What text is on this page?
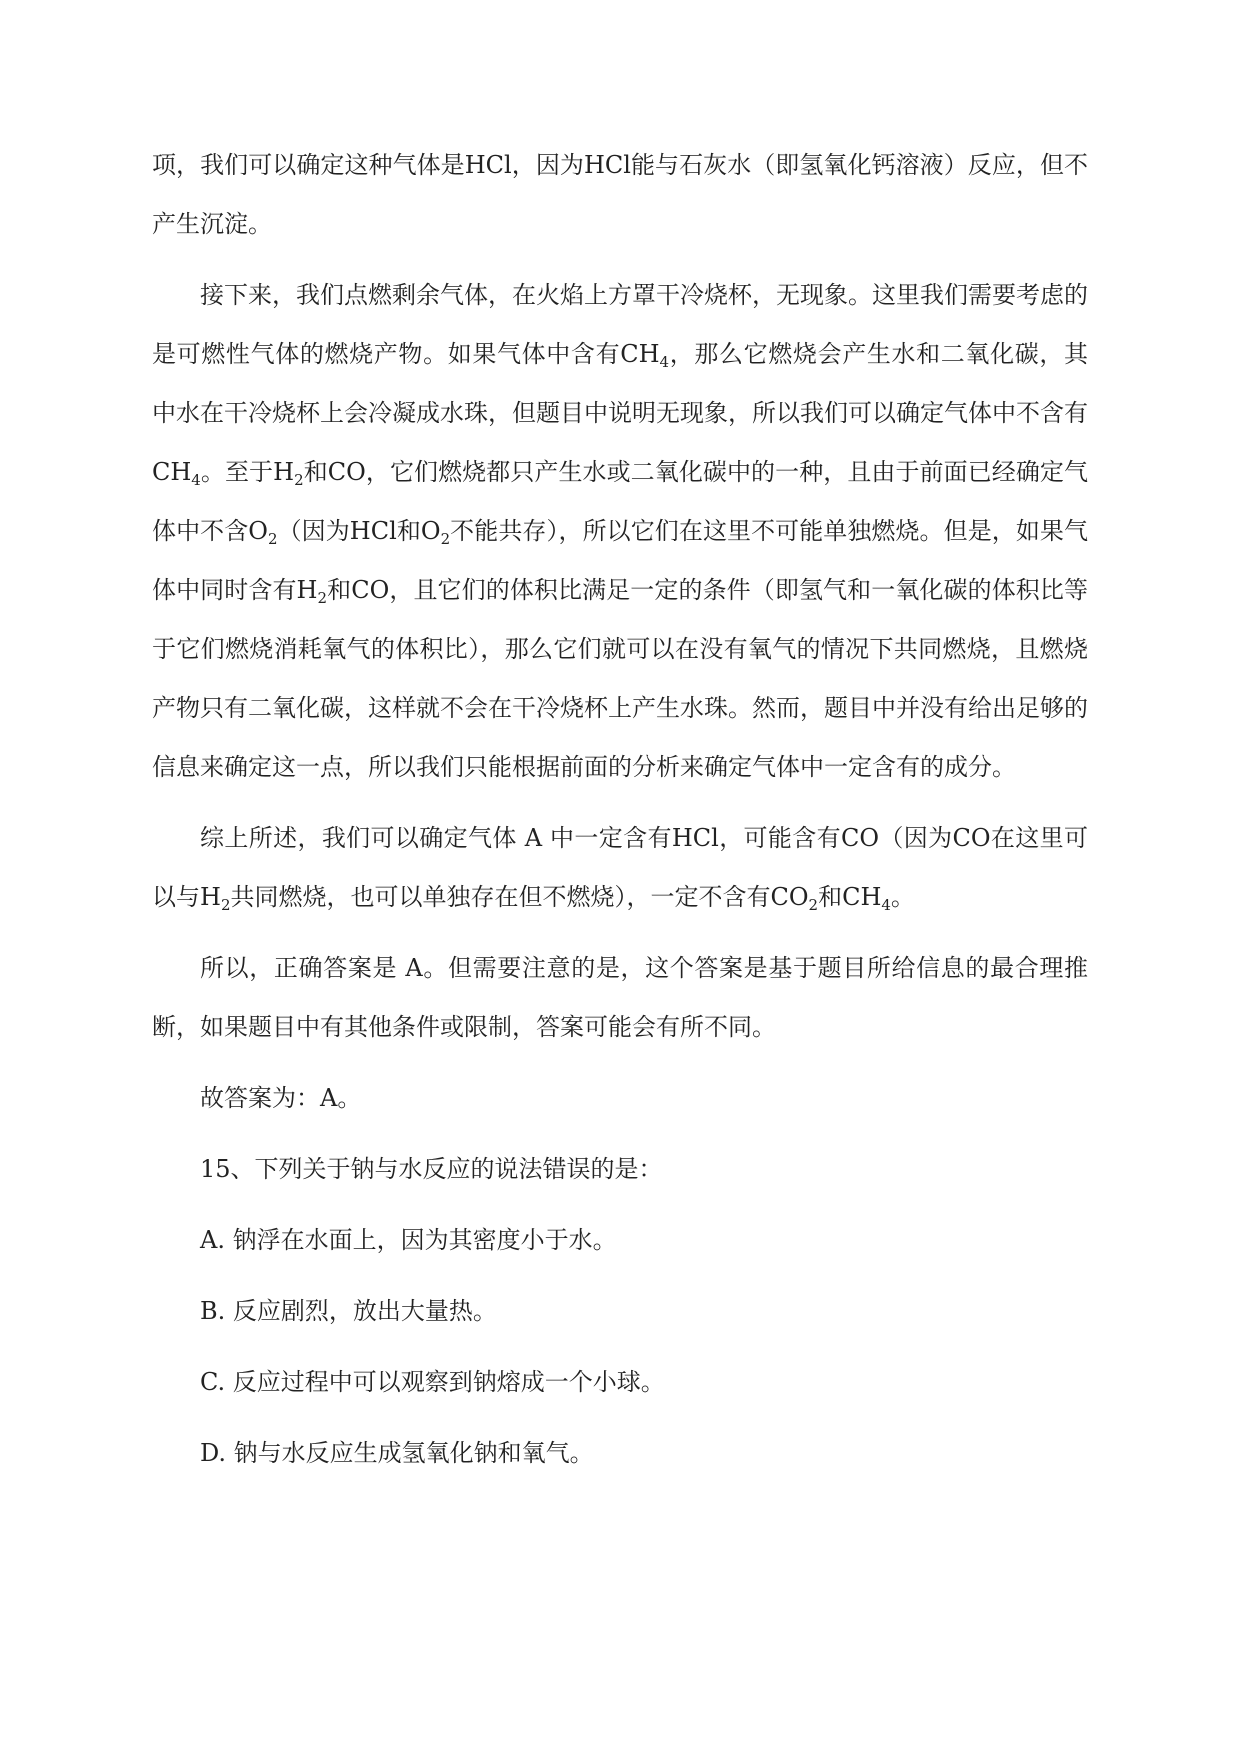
项，我们可以确定这种气体是HCl，因为HCl能与石灰水（即氢氧化钙溶液）反应，但不产生沉淀。

接下来，我们点燃剩余气体，在火焰上方罩干冷烧杯，无现象。这里我们需要考虑的是可燃性气体的燃烧产物。如果气体中含有$CH_4$，那么它燃烧会产生水和二氧化碳，其中水在干冷烧杯上会冷凝成水珠，但题目中说明无现象，所以我们可以确定气体中不含有$CH_4$。至于$H_2$和CO，它们燃烧都只产生水或二氧化碳中的一种，且由于前面已经确定气体中不含$O_2$（因为HCl和$O_2$不能共存），所以它们在这里不可能单独燃烧。但是，如果气体中同时含有$H_2$和CO，且它们的体积比满足一定的条件（即氢气和一氧化碳的体积比等于它们燃烧消耗氧气的体积比），那么它们就可以在没有氧气的情况下共同燃烧，且燃烧产物只有二氧化碳，这样就不会在干冷烧杯上产生水珠。然而，题目中并没有给出足够的信息来确定这一点，所以我们只能根据前面的分析来确定气体中一定含有的成分。

综上所述，我们可以确定气体 A 中一定含有HCl，可能含有CO（因为CO在这里可以与$H_2$共同燃烧，也可以单独存在但不燃烧），一定不含有$CO_2$和$CH_4$。

所以，正确答案是 A。但需要注意的是，这个答案是基于题目所给信息的最合理推断，如果题目中有其他条件或限制，答案可能会有所不同。

故答案为：A。

15、下列关于钠与水反应的说法错误的是：

A. 钠浮在水面上，因为其密度小于水。

B. 反应剧烈，放出大量热。

C. 反应过程中可以观察到钠熔成一个小球。

D. 钠与水反应生成氢氧化钠和氧气。
